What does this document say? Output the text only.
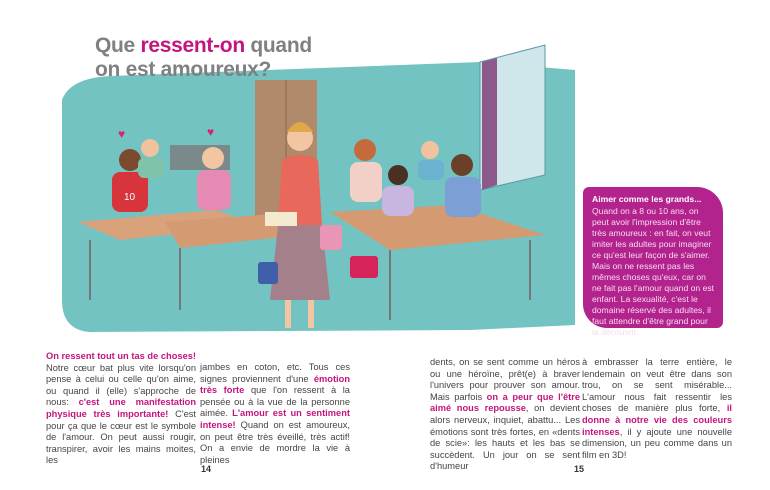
10
♥	♥
Que ressent-on quand
on est amoureux?
On ressent tout un tas de choses! Notre cœur bat plus vite lorsqu'on pense à celui ou celle qu'on aime, ou quand il (elle) s'approche de nous: c'est une manifestation physique très importante! C'est pour ça que le cœur est le symbole de l'amour. On peut aussi rougir, transpirer, avoir les mains moites, les
jambes en coton, etc. Tous ces signes proviennent d'une émotion très forte que l'on ressent à la pensée ou à la vue de la personne aimée. L'amour est un sentiment intense! Quand on est amoureux, on peut être très éveillé, très actif! On a envie de mordre la vie à pleines
dents, on se sent comme un héros ou une héroïne, prêt(e) à braver l'univers pour prouver son amour. Mais parfois on a peur que l'être aimé nous repousse, on devient alors nerveux, inquiet, abattu... Les émotions sont très fortes, en «dents de scie»: les hauts et les bas se succèdent. Un jour on se sent d'humeur
à embrasser la terre entière, le lendemain on veut être dans son trou, on se sent misérable... L'amour nous fait ressentir les choses de manière plus forte, il donne à notre vie des couleurs intenses, il y ajoute une nouvelle dimension, un peu comme dans un film en 3D!
Aimer comme les grands...
Quand on a 8 ou 10 ans, on peut avoir l'impression d'être très amoureux : en fait, on veut imiter les adultes pour imaginer ce qu'est leur façon de s'aimer. Mais on ne ressent pas les mêmes choses qu'eux, car on ne fait pas l'amour quand on est enfant. La sexualité, c'est le domaine réservé des adultes, il faut attendre d'être grand pour la découvrir.
14	15
